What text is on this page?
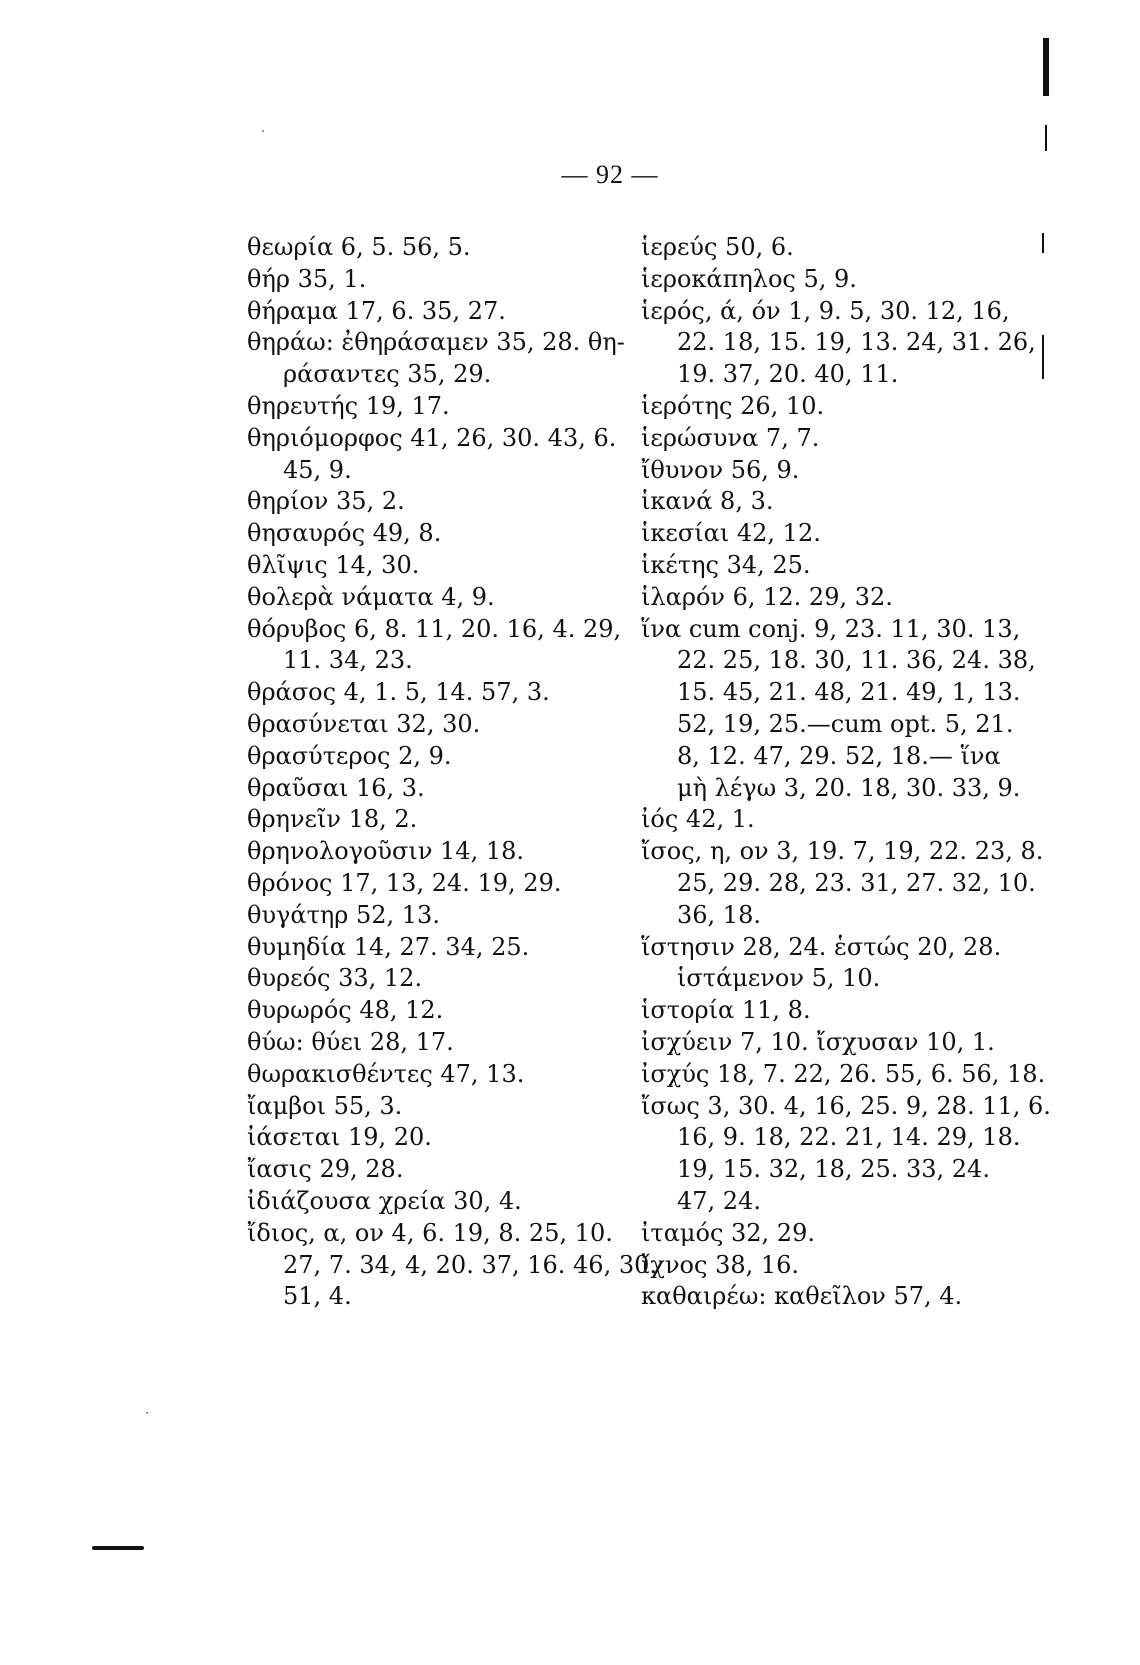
— 92 —
θεωρία 6, 5. 56, 5.
θήρ 35, 1.
θήραμα 17, 6. 35, 27.
θηράω: ἐθηράσαμεν 35, 28. θη-
ράσαντες 35, 29.
θηρευτής 19, 17.
θηριόμορφος 41, 26, 30. 43, 6.
45, 9.
θηρίον 35, 2.
θησαυρός 49, 8.
θλῖψις 14, 30.
θολερὰ νάματα 4, 9.
θόρυβος 6, 8. 11, 20. 16, 4. 29,
11. 34, 23.
θράσος 4, 1. 5, 14. 57, 3.
θρασύνεται 32, 30.
θρασύτερος 2, 9.
θραῦσαι 16, 3.
θρηνεῖν 18, 2.
θρηνολογοῦσιν 14, 18.
θρόνος 17, 13, 24. 19, 29.
θυγάτηρ 52, 13.
θυμηδία 14, 27. 34, 25.
θυρεός 33, 12.
θυρωρός 48, 12.
θύω: θύει 28, 17.
θωρακισθέντες 47, 13.
ἴαμβοι 55, 3.
ἰάσεται 19, 20.
ἴασις 29, 28.
ἰδιάζουσα χρεία 30, 4.
ἴδιος, α, ον 4, 6. 19, 8. 25, 10.
27, 7. 34, 4, 20. 37, 16. 46, 30.
51, 4.
ἱερεύς 50, 6.
ἱεροκάπηλος 5, 9.
ἱερός, ά, όν 1, 9. 5, 30. 12, 16,
22. 18, 15. 19, 13. 24, 31. 26,
19. 37, 20. 40, 11.
ἱερότης 26, 10.
ἱερώσυνα 7, 7.
ἴθυνον 56, 9.
ἱκανά 8, 3.
ἱκεσίαι 42, 12.
ἱκέτης 34, 25.
ἱλαρόν 6, 12. 29, 32.
ἵνα cum conj. 9, 23. 11, 30. 13,
22. 25, 18. 30, 11. 36, 24. 38,
15. 45, 21. 48, 21. 49, 1, 13.
52, 19, 25.—cum opt. 5, 21.
8, 12. 47, 29. 52, 18.— ἵνα
μὴ λέγω 3, 20. 18, 30. 33, 9.
ἰός 42, 1.
ἴσος, η, ον 3, 19. 7, 19, 22. 23, 8.
25, 29. 28, 23. 31, 27. 32, 10.
36, 18.
ἵστησιν 28, 24. ἑστώς 20, 28.
ἱστάμενον 5, 10.
ἱστορία 11, 8.
ἰσχύειν 7, 10. ἴσχυσαν 10, 1.
ἰσχύς 18, 7. 22, 26. 55, 6. 56, 18.
ἴσως 3, 30. 4, 16, 25. 9, 28. 11, 6.
16, 9. 18, 22. 21, 14. 29, 18.
19, 15. 32, 18, 25. 33, 24.
47, 24.
ἰταμός 32, 29.
ἴχνος 38, 16.
καθαιρέω: καθεῖλον 57, 4.
